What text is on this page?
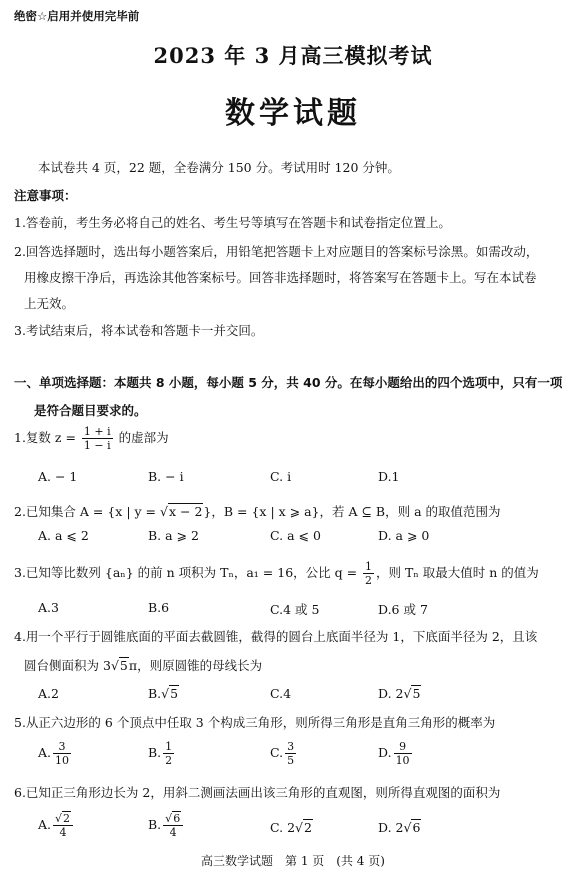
绝密☆启用并使用完毕前
2023 年 3 月高三模拟考试
数学试题
本试卷共 4 页，22 题，全卷满分 150 分。考试用时 120 分钟。
注意事项：
1.答卷前，考生务必将自己的姓名、考生号等填写在答题卡和试卷指定位置上。
2.回答选择题时，选出每小题答案后，用铅笔把答题卡上对应题目的答案标号涂黑。如需改动，
用橡皮擦干净后，再选涂其他答案标号。回答非选择题时，将答案写在答题卡上。写在本试卷
上无效。
3.考试结束后，将本试卷和答题卡一并交回。
一、单项选择题：本题共 8 小题，每小题 5 分，共 40 分。在每小题给出的四个选项中，只有一项
是符合题目要求的。
1.复数 $z = \frac{1 + i}{1 - i}$ 的虚部为
A. − 1	B. − i	C. i	D.1
2.已知集合 A = {x | y = √x − 2}，B = {x | x ⩾ a}，若 A ⊆ B，则 a 的取值范围为
A. a ⩽ 2	B. a ⩾ 2	C. a ⩽ 0	D. a ⩾ 0
3.已知等比数列 {aₙ} 的前 n 项积为 Tₙ，a₁ = 16，公比 $q = \frac{1}{2}$ ，则 Tₙ 取最大值时 n 的值为
A.3	B.6	C.4 或 5	D.6 或 7
4.用一个平行于圆锥底面的平面去截圆锥，截得的圆台上底面半径为 1，下底面半径为 2，且该
圆台侧面积为 3√5π，则原圆锥的母线长为
A.2	B.√5	C.4	D. 2√5
5.从正六边形的 6 个顶点中任取 3 个构成三角形，则所得三角形是直角三角形的概率为
A. $\frac{3}{10}$	B. $\frac{1}{2}$	C. $\frac{3}{5}$	D. $\frac{9}{10}$
6.已知正三角形边长为 2，用斜二测画法画出该三角形的直观图，则所得直观图的面积为
A. $\frac{√2}{4}$	B. $\frac{√6}{4}$	C. 2√2	D. 2√6
高三数学试题　第 1 页　(共 4 页)
